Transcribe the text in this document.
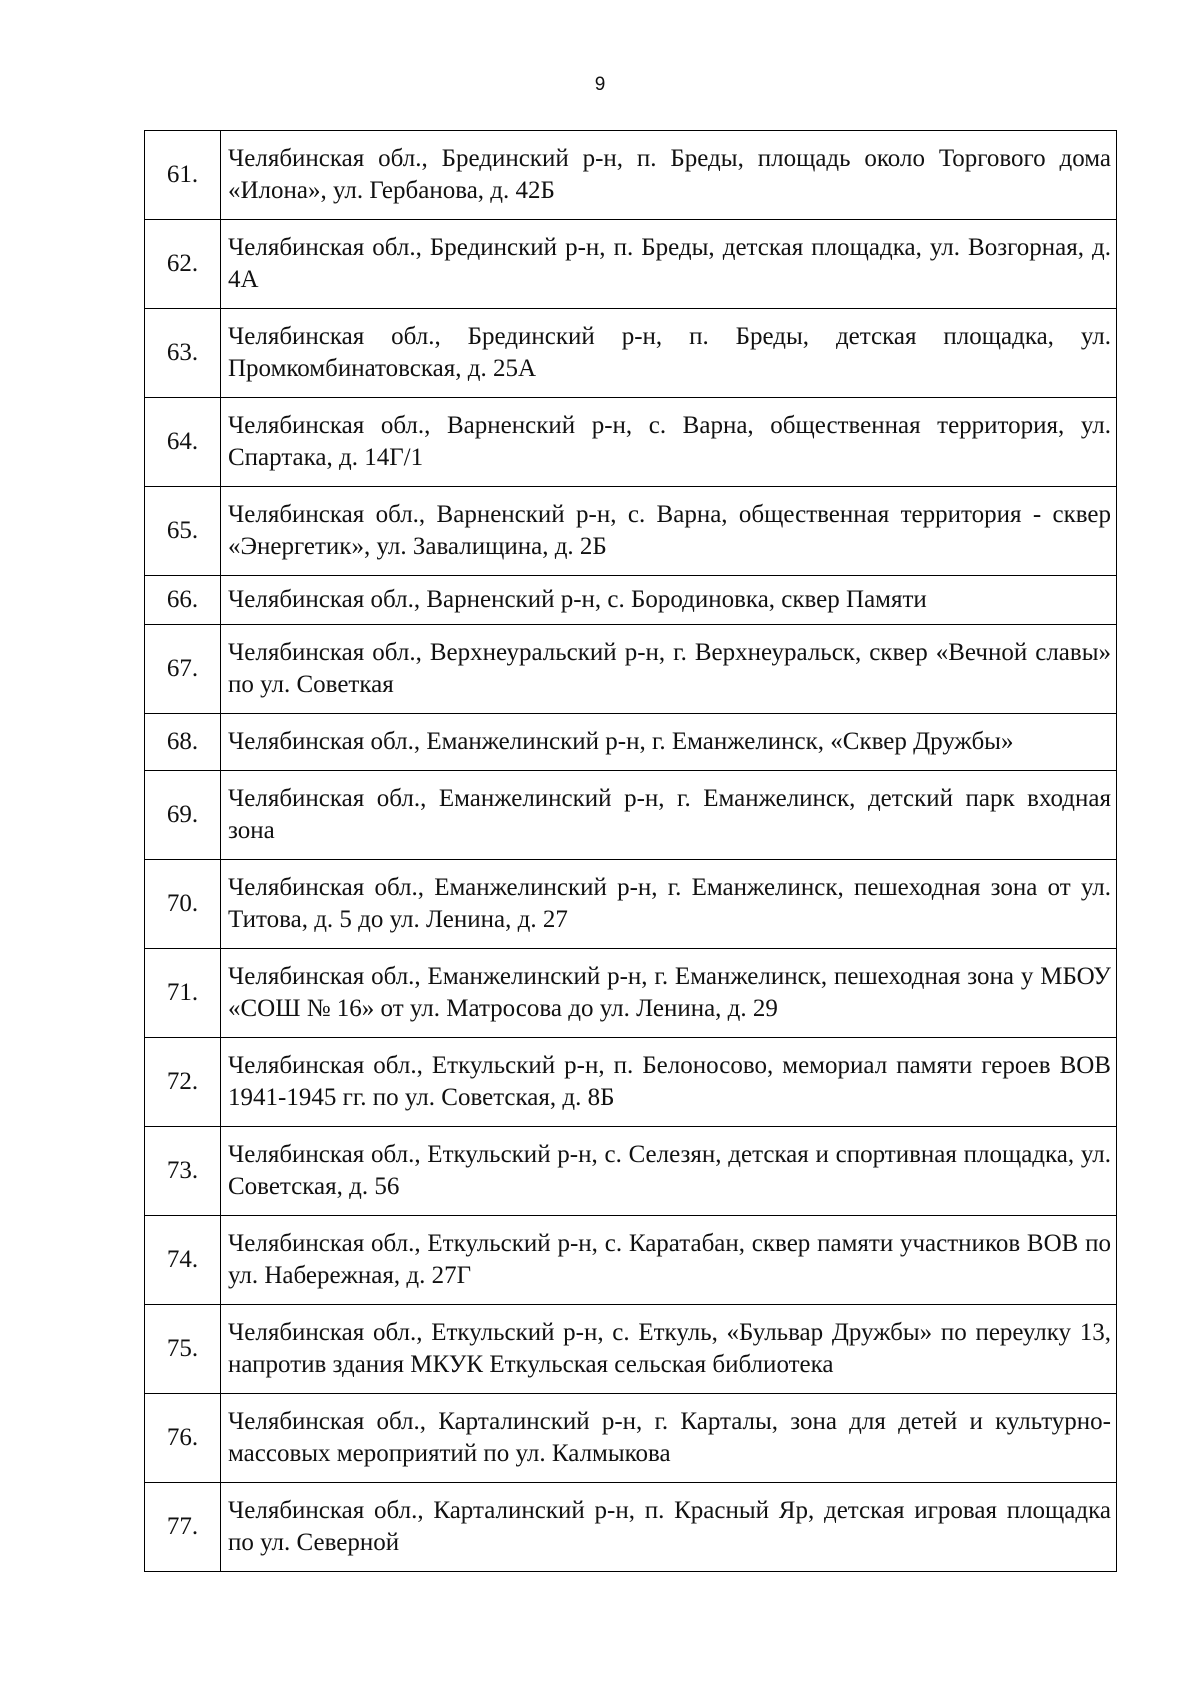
9
61.	Челябинская обл., Брединский р-н, п. Бреды, площадь около Торгового дома «Илона», ул. Гербанова, д. 42Б
62.	Челябинская обл., Брединский р-н, п. Бреды, детская площадка, ул. Возгорная, д. 4А
63.	Челябинская обл., Брединский р-н, п. Бреды, детская площадка, ул. Промкомбинатовская, д. 25А
64.	Челябинская обл., Варненский р-н, с. Варна, общественная территория, ул. Спартака, д. 14Г/1
65.	Челябинская обл., Варненский р-н, с. Варна, общественная территория - сквер «Энергетик», ул. Завалищина, д. 2Б
66.	Челябинская обл., Варненский р-н, с. Бородиновка, сквер Памяти
67.	Челябинская обл., Верхнеуральский р-н, г. Верхнеуральск, сквер «Вечной славы» по ул. Советкая
68.	Челябинская обл., Еманжелинский р-н, г. Еманжелинск, «Сквер Дружбы»
69.	Челябинская обл., Еманжелинский р-н, г. Еманжелинск, детский парк входная зона
70.	Челябинская обл., Еманжелинский р-н, г. Еманжелинск, пешеходная зона от ул. Титова, д. 5 до ул. Ленина, д. 27
71.	Челябинская обл., Еманжелинский р-н, г. Еманжелинск, пешеходная зона у МБОУ «СОШ № 16» от ул. Матросова до ул. Ленина, д. 29
72.	Челябинская обл., Еткульский р-н, п. Белоносово, мемориал памяти героев ВОВ 1941-1945 гг. по ул. Советская, д. 8Б
73.	Челябинская обл., Еткульский р-н, с. Селезян, детская и спортивная площадка, ул. Советская, д. 56
74.	Челябинская обл., Еткульский р-н, с. Каратабан, сквер памяти участников ВОВ по ул. Набережная, д. 27Г
75.	Челябинская обл., Еткульский р-н, с. Еткуль, «Бульвар Дружбы» по переулку 13, напротив здания МКУК Еткульская сельская библиотека
76.	Челябинская обл., Карталинский р-н, г. Карталы, зона для детей и культурно-массовых мероприятий по ул. Калмыкова
77.	Челябинская обл., Карталинский р-н, п. Красный Яр, детская игровая площадка по ул. Северной
